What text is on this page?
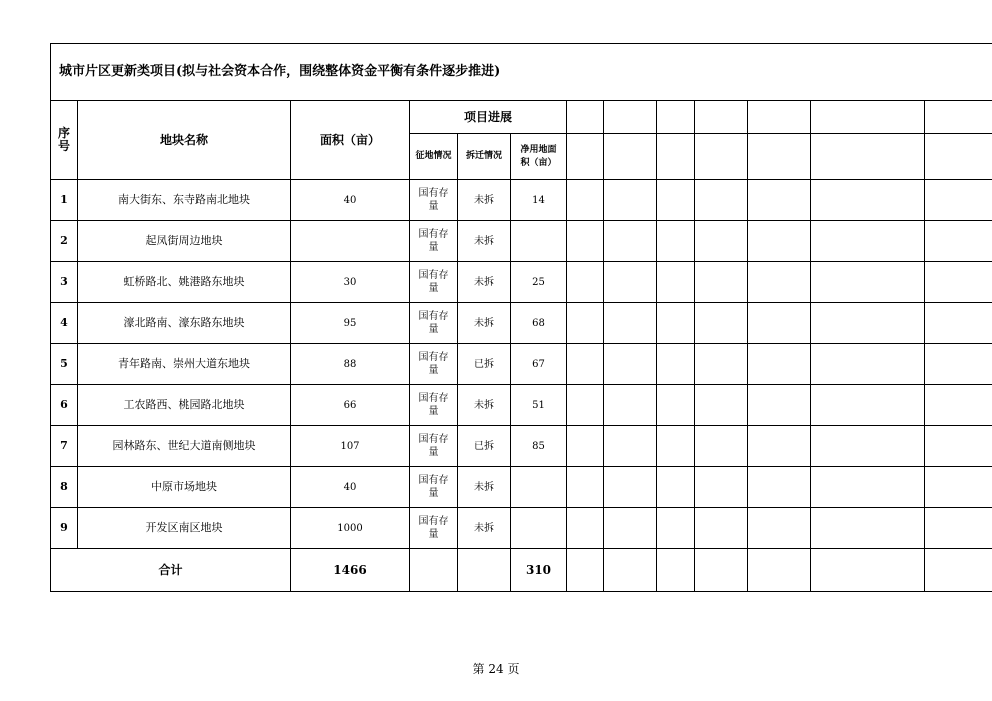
城市片区更新类项目(拟与社会资本合作，围绕整体资金平衡有条件逐步推进)												
序
号	地块名称	面积（亩）	项目进展									
			征地情况	拆迁情况	净用地面
积（亩）							
1	南大街东、东寺路南北地块	40	国有存
量	未拆	14							
2	起凤街周边地块		国有存
量	未拆								
3	虹桥路北、姚港路东地块	30	国有存
量	未拆	25							
4	濠北路南、濠东路东地块	95	国有存
量	未拆	68							
5	青年路南、崇州大道东地块	88	国有存
量	已拆	67							
6	工农路西、桃园路北地块	66	国有存
量	未拆	51							
7	园林路东、世纪大道南侧地块	107	国有存
量	已拆	85							
8	中原市场地块	40	国有存
量	未拆								
9	开发区南区地块	1000	国有存
量	未拆								
合计		1466			310							
第 24 页
